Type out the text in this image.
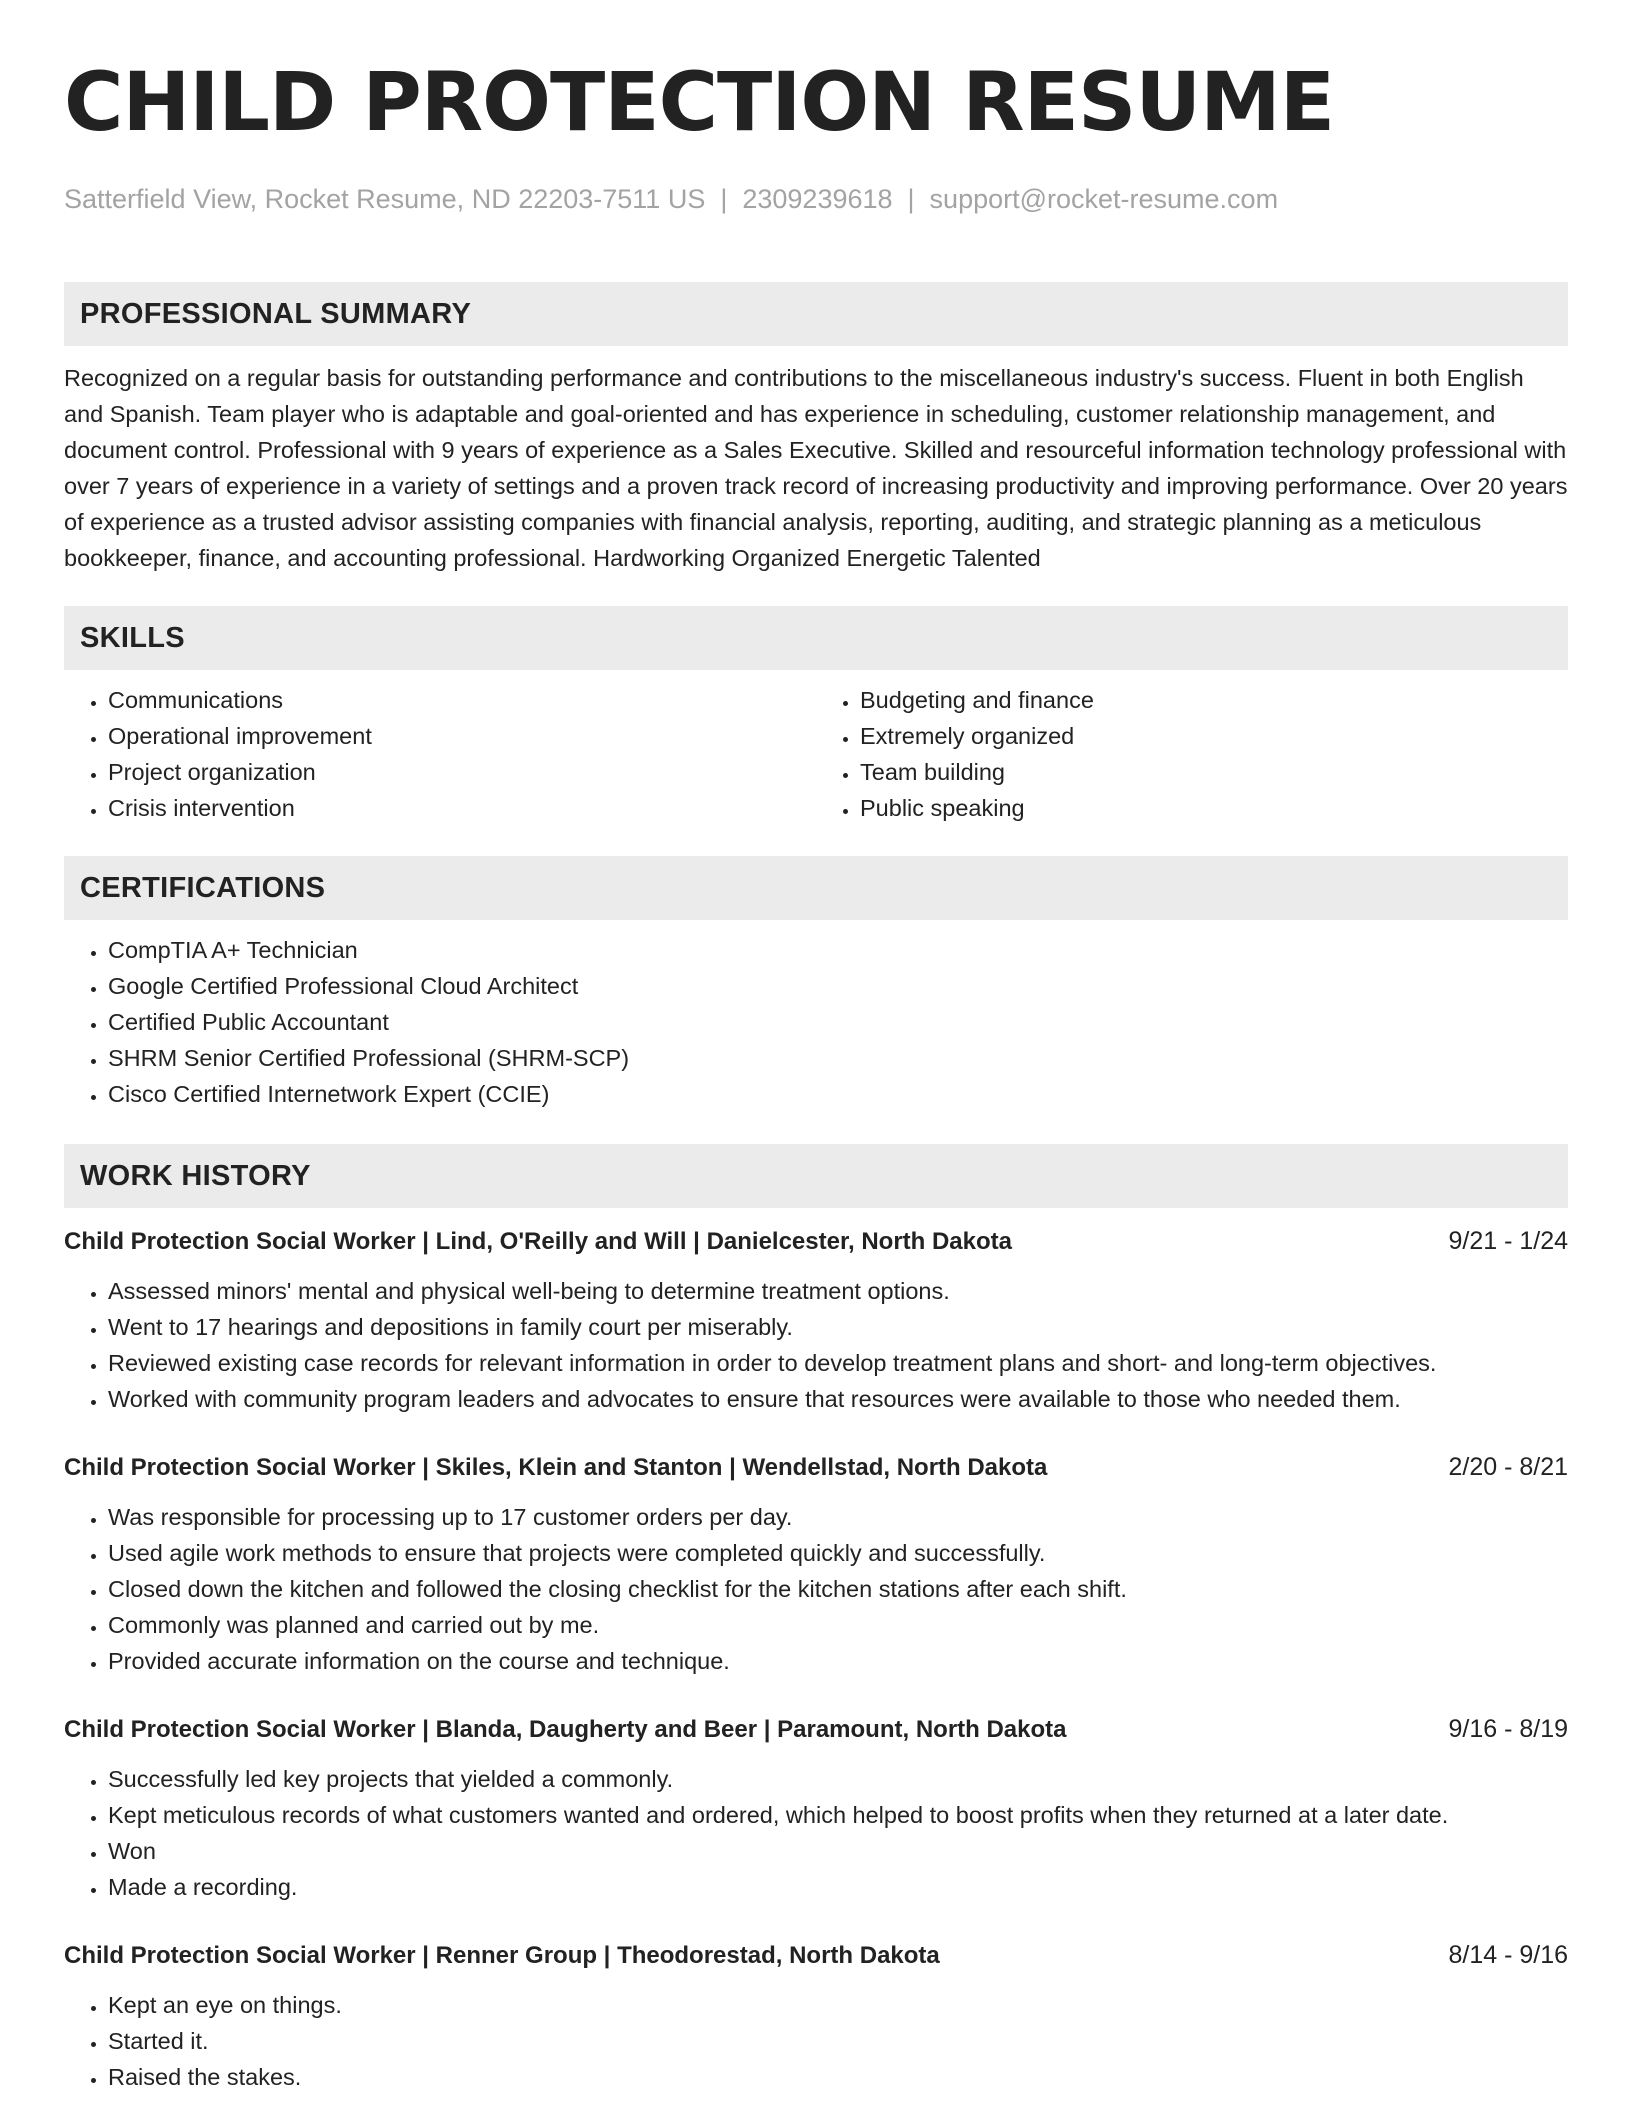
CHILD PROTECTION RESUME
Satterfield View, Rocket Resume, ND 22203-7511 US | 2309239618 | support@rocket-resume.com
PROFESSIONAL SUMMARY

Recognized on a regular basis for outstanding performance and contributions to the miscellaneous industry's success. Fluent in both English and Spanish. Team player who is adaptable and goal-oriented and has experience in scheduling, customer relationship management, and document control. Professional with 9 years of experience as a Sales Executive. Skilled and resourceful information technology professional with over 7 years of experience in a variety of settings and a proven track record of increasing productivity and improving performance. Over 20 years of experience as a trusted advisor assisting companies with financial analysis, reporting, auditing, and strategic planning as a meticulous bookkeeper, finance, and accounting professional. Hardworking Organized Energetic Talented

SKILLS
• Communications
• Operational improvement
• Project organization
• Crisis intervention
• Budgeting and finance
• Extremely organized
• Team building
• Public speaking
CERTIFICATIONS
• CompTIA A+ Technician
• Google Certified Professional Cloud Architect
• Certified Public Accountant
• SHRM Senior Certified Professional (SHRM-SCP)
• Cisco Certified Internetwork Expert (CCIE)
WORK HISTORY
Child Protection Social Worker | Lind, O'Reilly and Will | Danielcester, North Dakota	9/21 - 1/24
• Assessed minors' mental and physical well-being to determine treatment options.
• Went to 17 hearings and depositions in family court per miserably.
• Reviewed existing case records for relevant information in order to develop treatment plans and short- and long-term objectives.
• Worked with community program leaders and advocates to ensure that resources were available to those who needed them.
Child Protection Social Worker | Skiles, Klein and Stanton | Wendellstad, North Dakota	2/20 - 8/21
• Was responsible for processing up to 17 customer orders per day.
• Used agile work methods to ensure that projects were completed quickly and successfully.
• Closed down the kitchen and followed the closing checklist for the kitchen stations after each shift.
• Commonly was planned and carried out by me.
• Provided accurate information on the course and technique.
Child Protection Social Worker | Blanda, Daugherty and Beer | Paramount, North Dakota	9/16 - 8/19
• Successfully led key projects that yielded a commonly.
• Kept meticulous records of what customers wanted and ordered, which helped to boost profits when they returned at a later date.
• Won
• Made a recording.
Child Protection Social Worker | Renner Group | Theodorestad, North Dakota	8/14 - 9/16
• Kept an eye on things.
• Started it.
• Raised the stakes.
